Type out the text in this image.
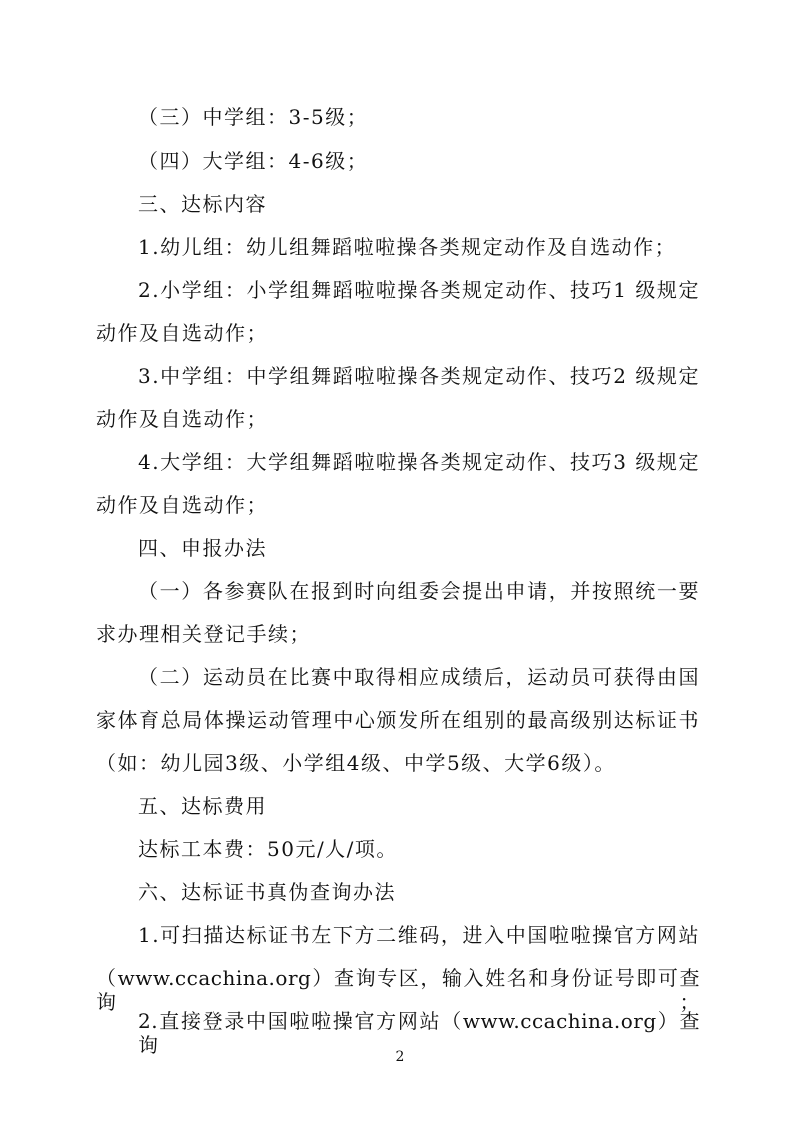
（三）中学组：3-5级；
（四）大学组：4-6级；
三、达标内容
1.幼儿组：幼儿组舞蹈啦啦操各类规定动作及自选动作；
2.小学组：小学组舞蹈啦啦操各类规定动作、技巧1 级规定
动作及自选动作；
3.中学组：中学组舞蹈啦啦操各类规定动作、技巧2 级规定
动作及自选动作；
4.大学组：大学组舞蹈啦啦操各类规定动作、技巧3 级规定
动作及自选动作；
四、申报办法
（一）各参赛队在报到时向组委会提出申请，并按照统一要
求办理相关登记手续；
（二）运动员在比赛中取得相应成绩后，运动员可获得由国
家体育总局体操运动管理中心颁发所在组别的最高级别达标证书
（如：幼儿园3级、小学组4级、中学5级、大学6级）。
五、达标费用
达标工本费：50元/人/项。
六、达标证书真伪查询办法
1.可扫描达标证书左下方二维码，进入中国啦啦操官方网站
（www.ccachina.org）查询专区，输入姓名和身份证号即可查询；
2.直接登录中国啦啦操官方网站（www.ccachina.org）查询	2
